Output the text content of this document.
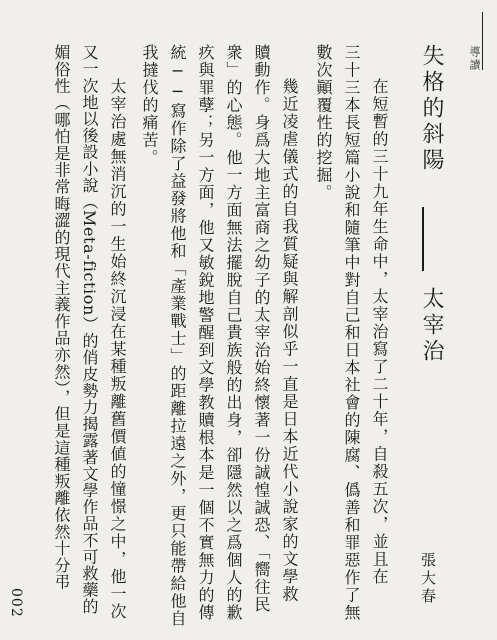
導讀
失格的斜陽
太宰治
張大春
在短暫的三十九年生命中，太宰治寫了二十年，自殺五次，並且在
三十三本長短篇小說和隨筆中對自己和日本社會的陳腐、僞善和罪惡作了無
數次顚覆性的挖掘。
幾近凌虐儀式的自我質疑與解剖似乎一直是日本近代小說家的文學救
贖動作。身爲大地主富商之幼子的太宰治始終懷著一份誠惶誠恐、「嚮往民
衆」的心態。他一方面無法擺脫自己貴族般的出身，卻隱然以之爲個人的歉
疚與罪孽；另一方面，他又敏銳地警醒到文學教贖根本是一個不實無力的傳
統──寫作除了益發將他和「產業戰士」的距離拉遠之外，更只能帶給他自
我撻伐的痛苦。
太宰治處無消沉的一生始終沉浸在某種叛離舊價値的憧憬之中，他一次
又一次地以後設小說（Meta-fiction）的俏皮勢力揭露著文學作品不可救藥的
媚俗性（哪怕是非常晦澀的現代主義作品亦然），但是這種叛離依然十分弔
002
